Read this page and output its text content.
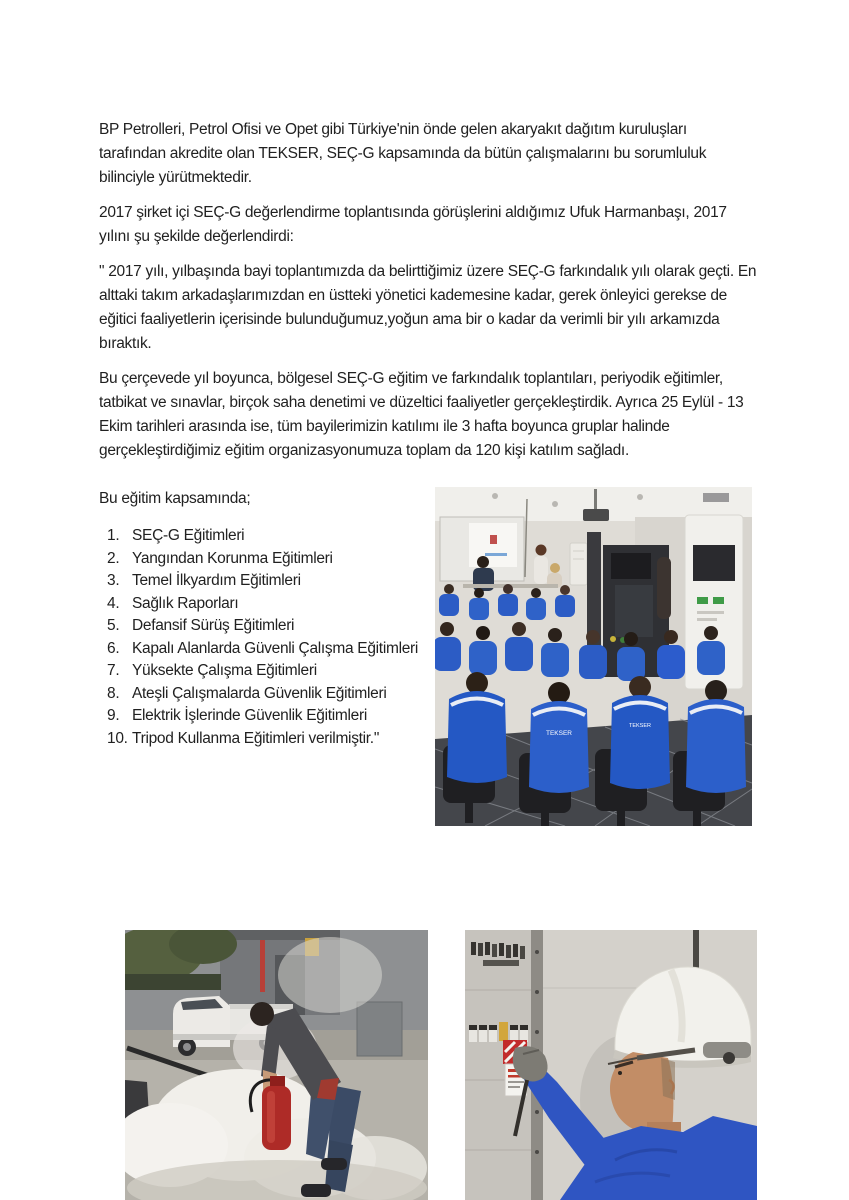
BP Petrolleri, Petrol Ofisi ve Opet gibi Türkiye'nin önde gelen akaryakıt dağıtım kuruluşları tarafından akredite olan TEKSER, SEÇ-G kapsamında da bütün çalışmalarını bu sorumluluk bilinciyle yürütmektedir.

2017 şirket içi SEÇ-G değerlendirme toplantısında görüşlerini aldığımız Ufuk Harmanbaşı, 2017 yılını şu şekilde değerlendirdi:

" 2017 yılı, yılbaşında bayi toplantımızda da belirttiğimiz üzere SEÇ-G farkındalık yılı olarak geçti. En alttaki takım arkadaşlarımızdan en üstteki yönetici kademesine kadar, gerek önleyici gerekse de eğitici faaliyetlerin içerisinde bulunduğumuz,yoğun ama bir o kadar da verimli bir yılı arkamızda bıraktık.

Bu çerçevede yıl boyunca, bölgesel SEÇ-G eğitim ve farkındalık toplantıları, periyodik eğitimler, tatbikat ve sınavlar, birçok saha denetimi ve düzeltici faaliyetler gerçekleştirdik. Ayrıca 25 Eylül - 13 Ekim tarihleri arasında ise, tüm bayilerimizin katılımı ile 3 hafta boyunca gruplar halinde gerçekleştirdiğimiz eğitim organizasyonumuza toplam da 120 kişi katılım sağladı.

Bu eğitim kapsamında;

1. SEÇ-G Eğitimleri
2. Yangından Korunma Eğitimleri
3. Temel İlkyardım Eğitimleri
4. Sağlık Raporları
5. Defansif Sürüş Eğitimleri
6. Kapalı Alanlarda Güvenli Çalışma Eğitimleri
7. Yüksekte Çalışma Eğitimleri
8. Ateşli Çalışmalarda Güvenlik Eğitimleri
9. Elektrik İşlerinde Güvenlik Eğitimleri
10. Tripod Kullanma Eğitimleri verilmiştir."	TEKSER
TEKSER
